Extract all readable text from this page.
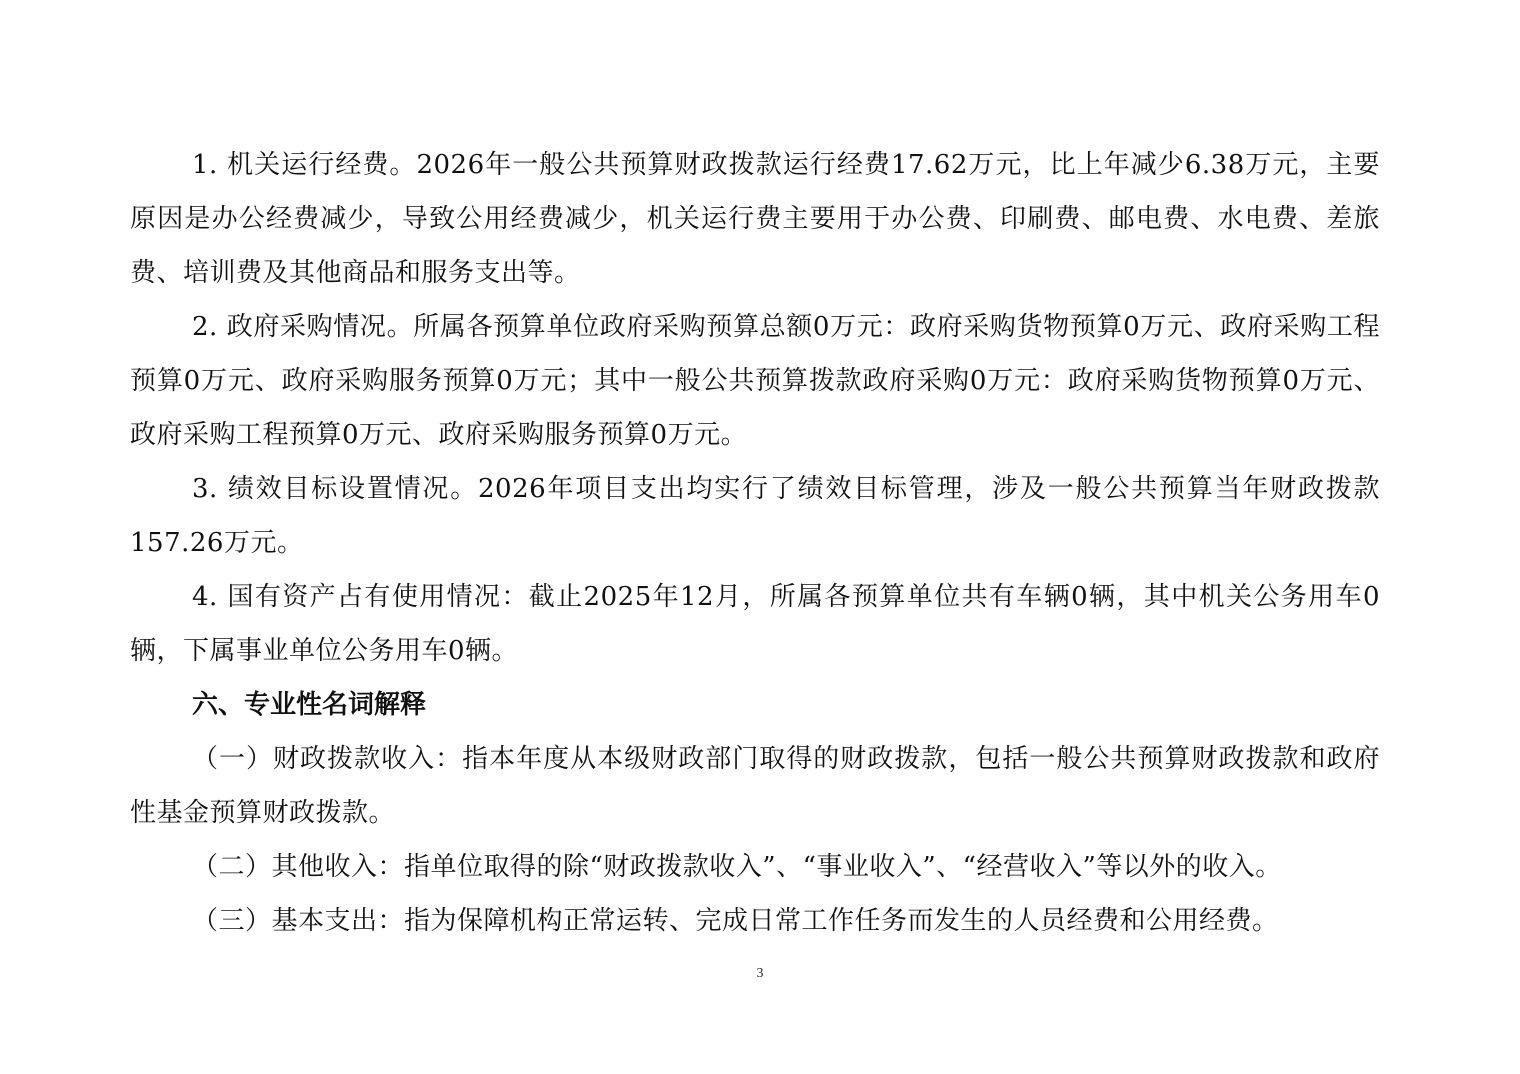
1. 机关运行经费。2026年一般公共预算财政拨款运行经费17.62万元，比上年减少6.38万元，主要原因是办公经费减少，导致公用经费减少，机关运行费主要用于办公费、印刷费、邮电费、水电费、差旅费、培训费及其他商品和服务支出等。

2. 政府采购情况。所属各预算单位政府采购预算总额0万元：政府采购货物预算0万元、政府采购工程预算0万元、政府采购服务预算0万元；其中一般公共预算拨款政府采购0万元：政府采购货物预算0万元、政府采购工程预算0万元、政府采购服务预算0万元。

3. 绩效目标设置情况。2026年项目支出均实行了绩效目标管理，涉及一般公共预算当年财政拨款157.26万元。

4. 国有资产占有使用情况：截止2025年12月，所属各预算单位共有车辆0辆，其中机关公务用车0辆，下属事业单位公务用车0辆。

六、专业性名词解释

（一）财政拨款收入：指本年度从本级财政部门取得的财政拨款，包括一般公共预算财政拨款和政府性基金预算财政拨款。

（二）其他收入：指单位取得的除“财政拨款收入”、“事业收入”、“经营收入”等以外的收入。

（三）基本支出：指为保障机构正常运转、完成日常工作任务而发生的人员经费和公用经费。

3
